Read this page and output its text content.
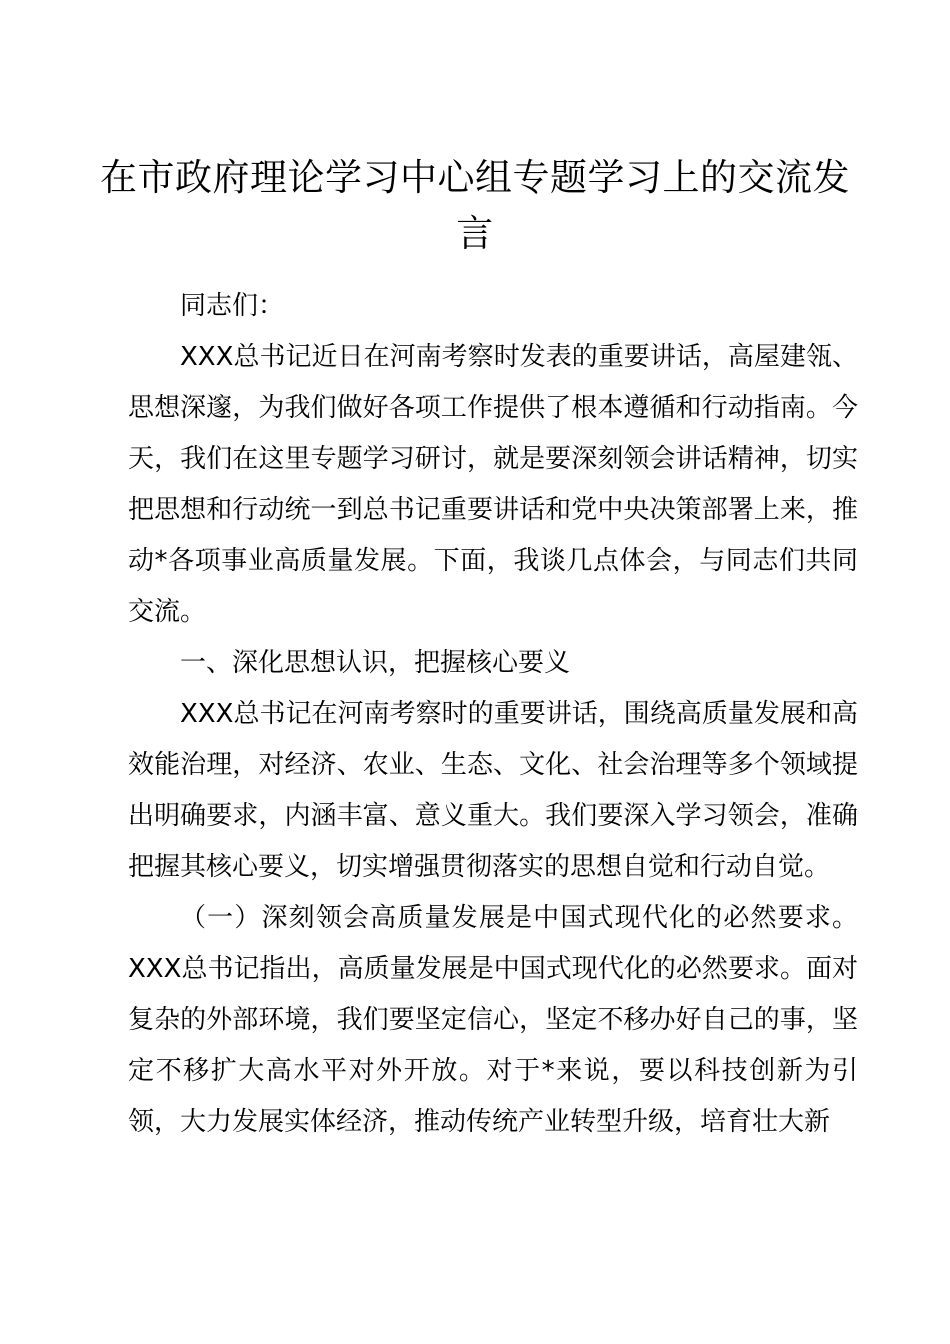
在市政府理论学习中心组专题学习上的交流发言

同志们：

XXX总书记近日在河南考察时发表的重要讲话，高屋建瓴、思想深邃，为我们做好各项工作提供了根本遵循和行动指南。今天，我们在这里专题学习研讨，就是要深刻领会讲话精神，切实把思想和行动统一到总书记重要讲话和党中央决策部署上来，推动*各项事业高质量发展。下面，我谈几点体会，与同志们共同交流。

一、深化思想认识，把握核心要义

XXX总书记在河南考察时的重要讲话，围绕高质量发展和高效能治理，对经济、农业、生态、文化、社会治理等多个领域提出明确要求，内涵丰富、意义重大。我们要深入学习领会，准确把握其核心要义，切实增强贯彻落实的思想自觉和行动自觉。

（一）深刻领会高质量发展是中国式现代化的必然要求。XXX总书记指出，高质量发展是中国式现代化的必然要求。面对复杂的外部环境，我们要坚定信心，坚定不移办好自己的事，坚定不移扩大高水平对外开放。对于*来说，要以科技创新为引领，大力发展实体经济，推动传统产业转型升级，培育壮大新
